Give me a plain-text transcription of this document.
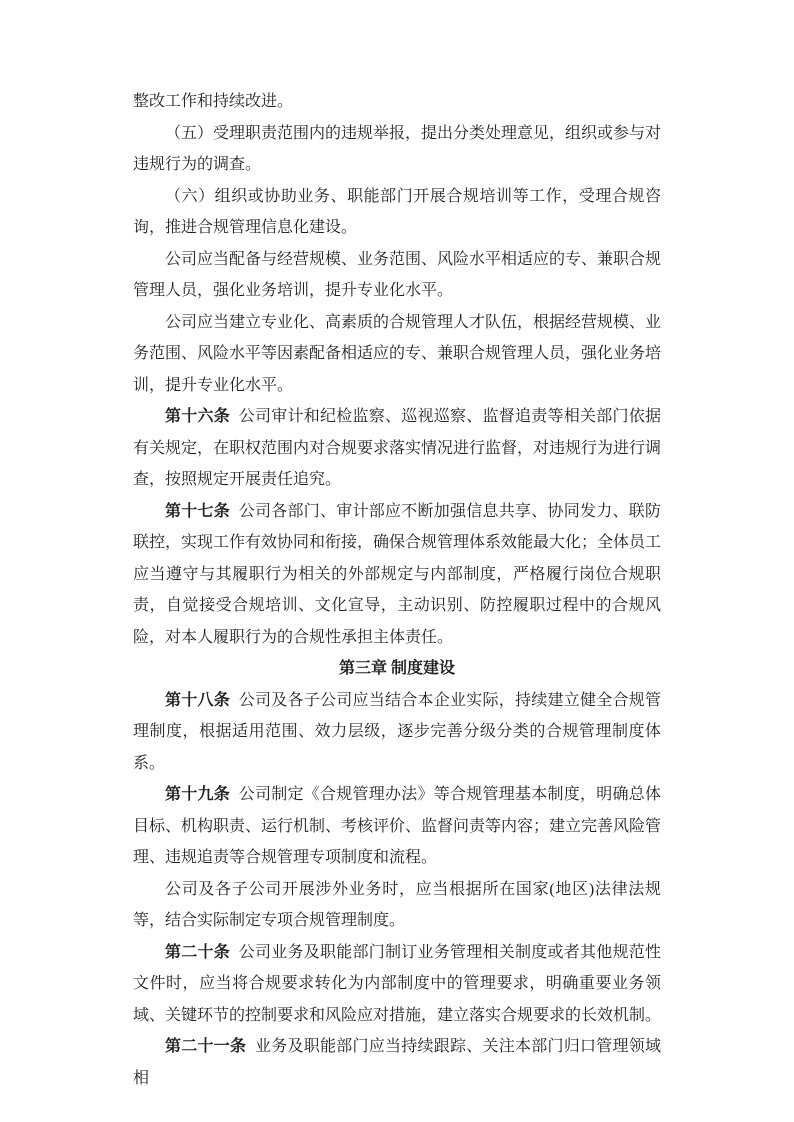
整改工作和持续改进。

（五）受理职责范围内的违规举报，提出分类处理意见，组织或参与对违规行为的调查。

（六）组织或协助业务、职能部门开展合规培训等工作，受理合规咨询，推进合规管理信息化建设。

公司应当配备与经营规模、业务范围、风险水平相适应的专、兼职合规管理人员，强化业务培训，提升专业化水平。

公司应当建立专业化、高素质的合规管理人才队伍，根据经营规模、业务范围、风险水平等因素配备相适应的专、兼职合规管理人员，强化业务培训，提升专业化水平。

第十六条 公司审计和纪检监察、巡视巡察、监督追责等相关部门依据有关规定，在职权范围内对合规要求落实情况进行监督，对违规行为进行调查，按照规定开展责任追究。

第十七条 公司各部门、审计部应不断加强信息共享、协同发力、联防联控，实现工作有效协同和衔接，确保合规管理体系效能最大化；全体员工应当遵守与其履职行为相关的外部规定与内部制度，严格履行岗位合规职责，自觉接受合规培训、文化宣导，主动识别、防控履职过程中的合规风险，对本人履职行为的合规性承担主体责任。

第三章 制度建设

第十八条 公司及各子公司应当结合本企业实际，持续建立健全合规管理制度，根据适用范围、效力层级，逐步完善分级分类的合规管理制度体系。

第十九条 公司制定《合规管理办法》等合规管理基本制度，明确总体目标、机构职责、运行机制、考核评价、监督问责等内容；建立完善风险管理、违规追责等合规管理专项制度和流程。

公司及各子公司开展涉外业务时，应当根据所在国家(地区)法律法规等，结合实际制定专项合规管理制度。

第二十条 公司业务及职能部门制订业务管理相关制度或者其他规范性文件时，应当将合规要求转化为内部制度中的管理要求，明确重要业务领域、关键环节的控制要求和风险应对措施，建立落实合规要求的长效机制。

第二十一条 业务及职能部门应当持续跟踪、关注本部门归口管理领域相
